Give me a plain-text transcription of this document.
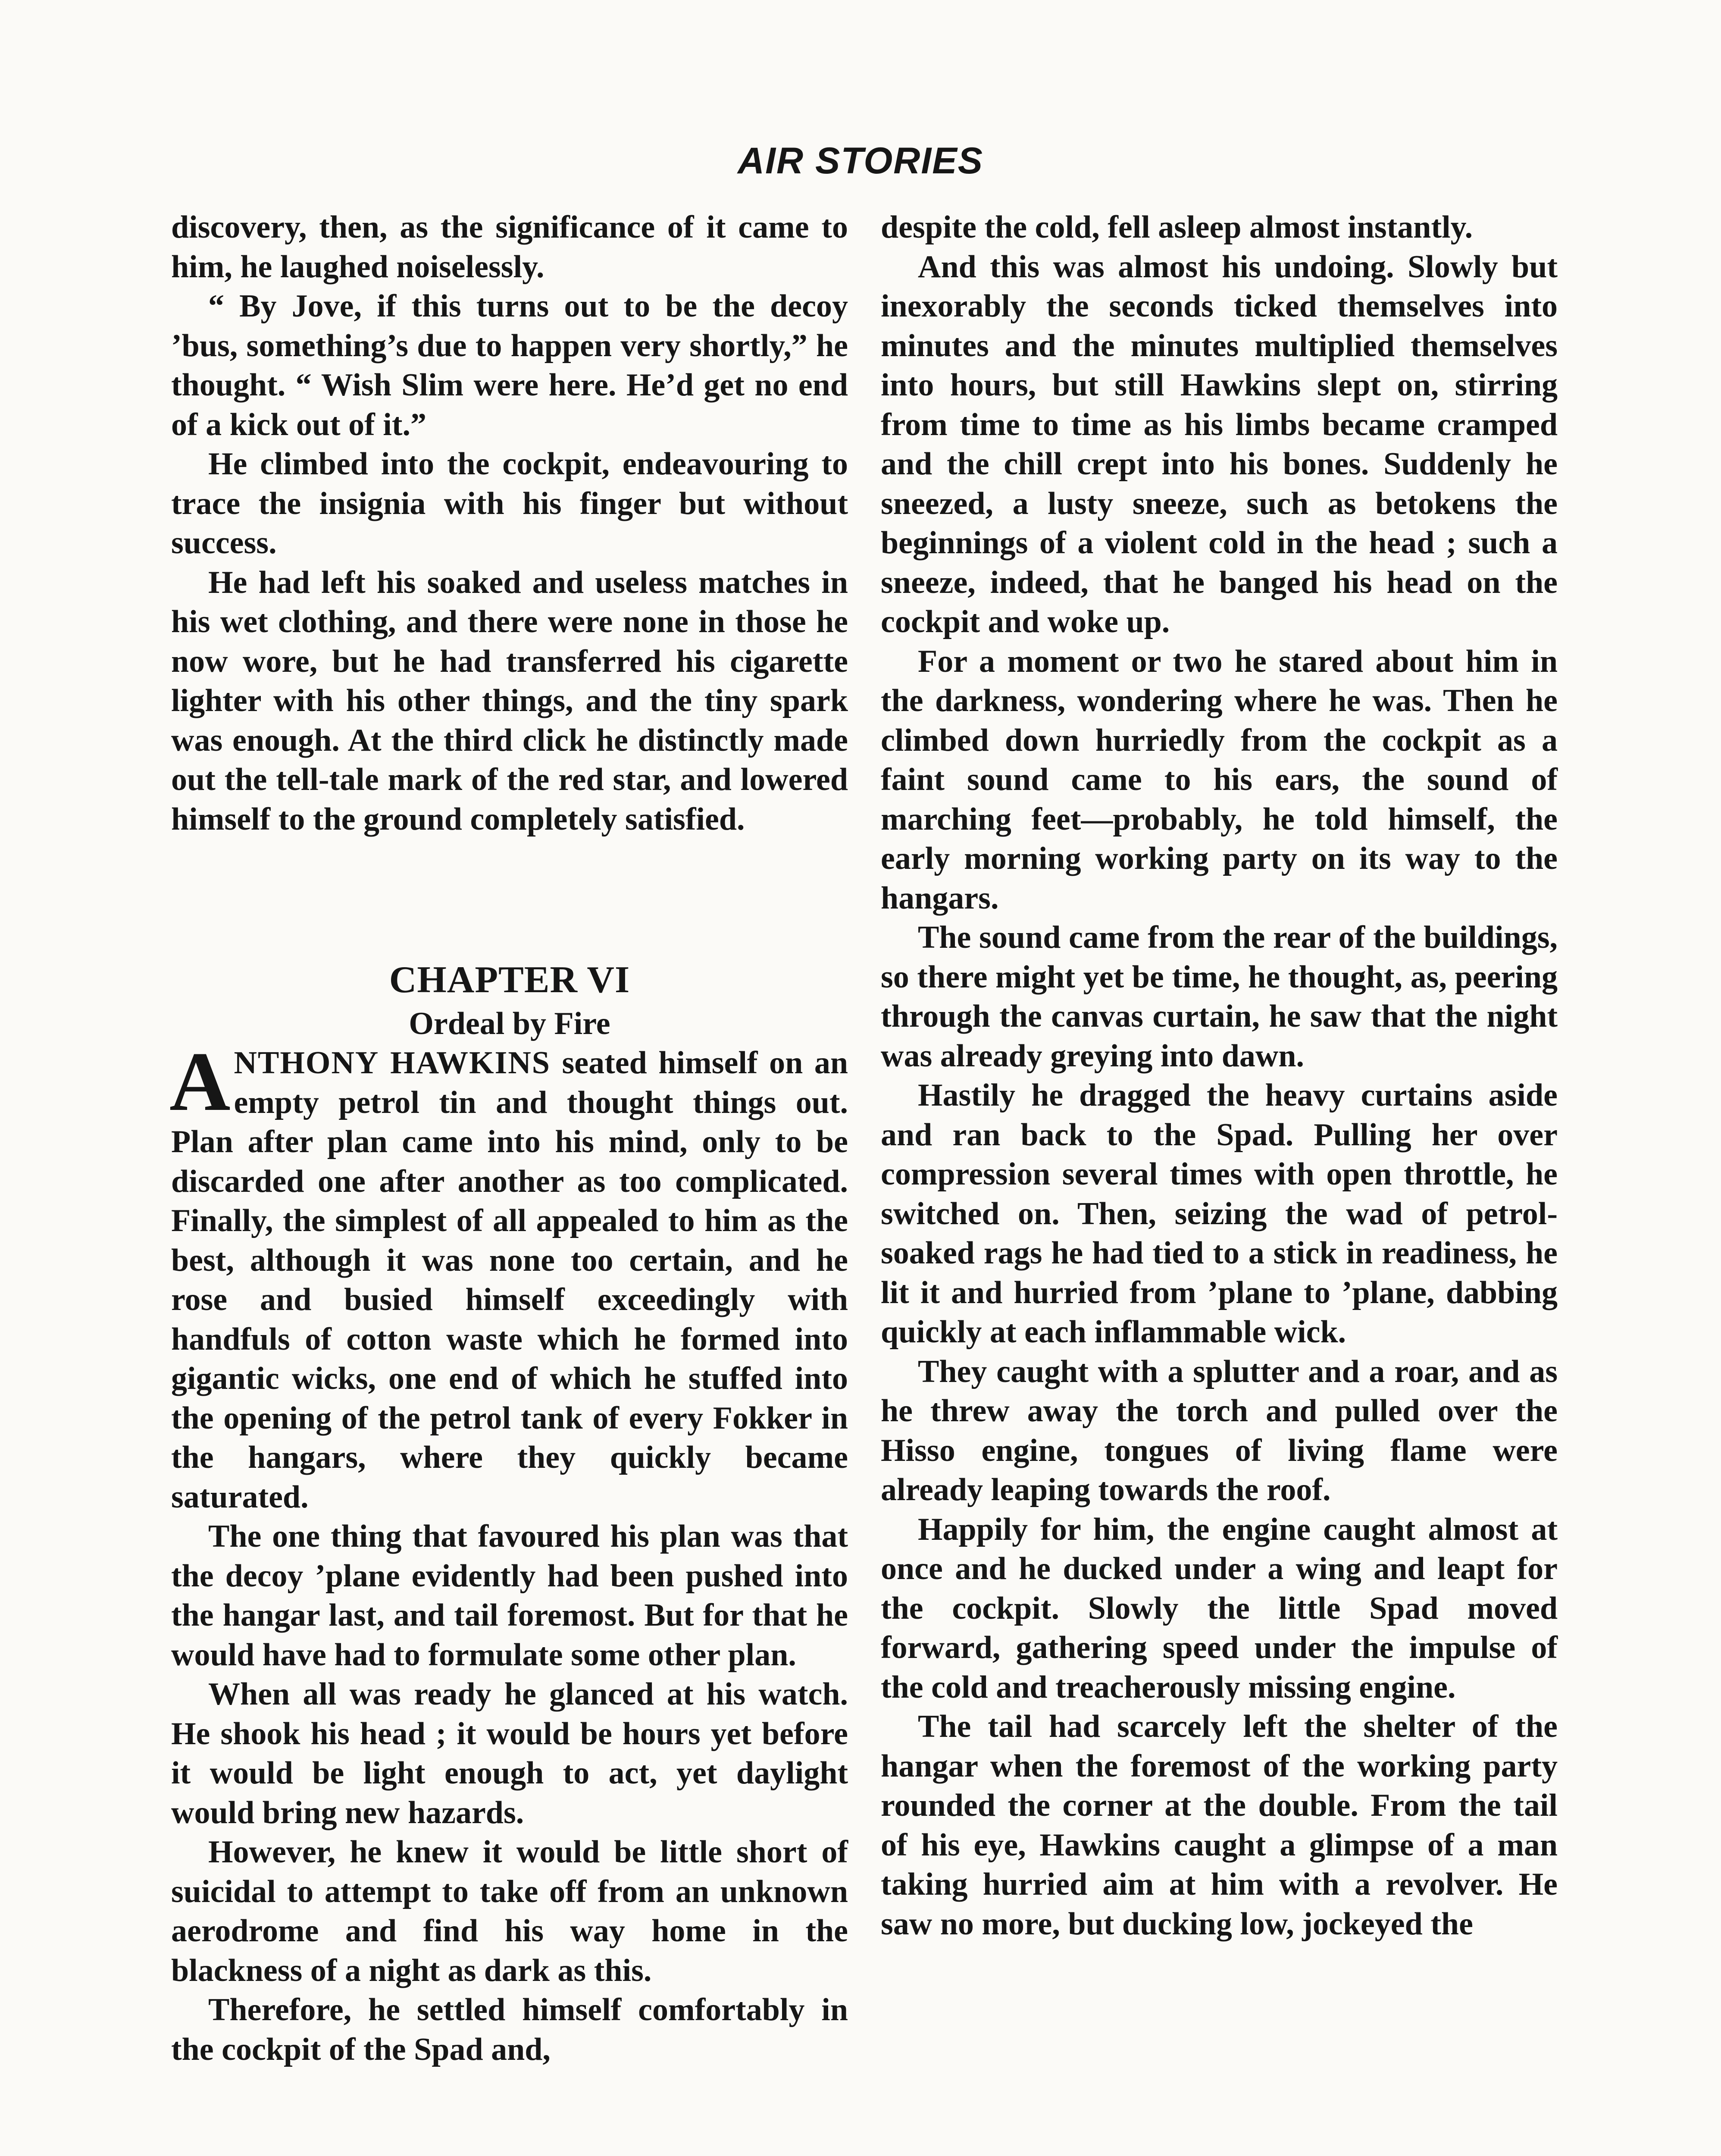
AIR STORIES

discovery, then, as the significance of it came to him, he laughed noiselessly.

“ By Jove, if this turns out to be the decoy ’bus, something’s due to happen very shortly,” he thought. “ Wish Slim were here. He’d get no end of a kick out of it.”

He climbed into the cockpit, endeavouring to trace the insignia with his finger but without success.

He had left his soaked and useless matches in his wet clothing, and there were none in those he now wore, but he had transferred his cigarette lighter with his other things, and the tiny spark was enough. At the third click he distinctly made out the tell-tale mark of the red star, and lowered himself to the ground completely satisfied.

CHAPTER VI
Ordeal by Fire

ANTHONY HAWKINS seated himself on an empty petrol tin and thought things out. Plan after plan came into his mind, only to be discarded one after another as too complicated. Finally, the simplest of all appealed to him as the best, although it was none too certain, and he rose and busied himself exceedingly with handfuls of cotton waste which he formed into gigantic wicks, one end of which he stuffed into the opening of the petrol tank of every Fokker in the hangars, where they quickly became saturated.

The one thing that favoured his plan was that the decoy ’plane evidently had been pushed into the hangar last, and tail foremost. But for that he would have had to formulate some other plan.

When all was ready he glanced at his watch. He shook his head ; it would be hours yet before it would be light enough to act, yet daylight would bring new hazards.

However, he knew it would be little short of suicidal to attempt to take off from an unknown aerodrome and find his way home in the blackness of a night as dark as this.

Therefore, he settled himself comfortably in the cockpit of the Spad and,

despite the cold, fell asleep almost instantly.

And this was almost his undoing. Slowly but inexorably the seconds ticked themselves into minutes and the minutes multiplied themselves into hours, but still Hawkins slept on, stirring from time to time as his limbs became cramped and the chill crept into his bones. Suddenly he sneezed, a lusty sneeze, such as betokens the beginnings of a violent cold in the head ; such a sneeze, indeed, that he banged his head on the cockpit and woke up.

For a moment or two he stared about him in the darkness, wondering where he was. Then he climbed down hurriedly from the cockpit as a faint sound came to his ears, the sound of marching feet—probably, he told himself, the early morning working party on its way to the hangars.

The sound came from the rear of the buildings, so there might yet be time, he thought, as, peering through the canvas curtain, he saw that the night was already greying into dawn.

Hastily he dragged the heavy curtains aside and ran back to the Spad. Pulling her over compression several times with open throttle, he switched on. Then, seizing the wad of petrol-soaked rags he had tied to a stick in readiness, he lit it and hurried from ’plane to ’plane, dabbing quickly at each inflammable wick.

They caught with a splutter and a roar, and as he threw away the torch and pulled over the Hisso engine, tongues of living flame were already leaping towards the roof.

Happily for him, the engine caught almost at once and he ducked under a wing and leapt for the cockpit. Slowly the little Spad moved forward, gathering speed under the impulse of the cold and treacherously missing engine.

The tail had scarcely left the shelter of the hangar when the foremost of the working party rounded the corner at the double. From the tail of his eye, Hawkins caught a glimpse of a man taking hurried aim at him with a revolver. He saw no more, but ducking low, jockeyed the
